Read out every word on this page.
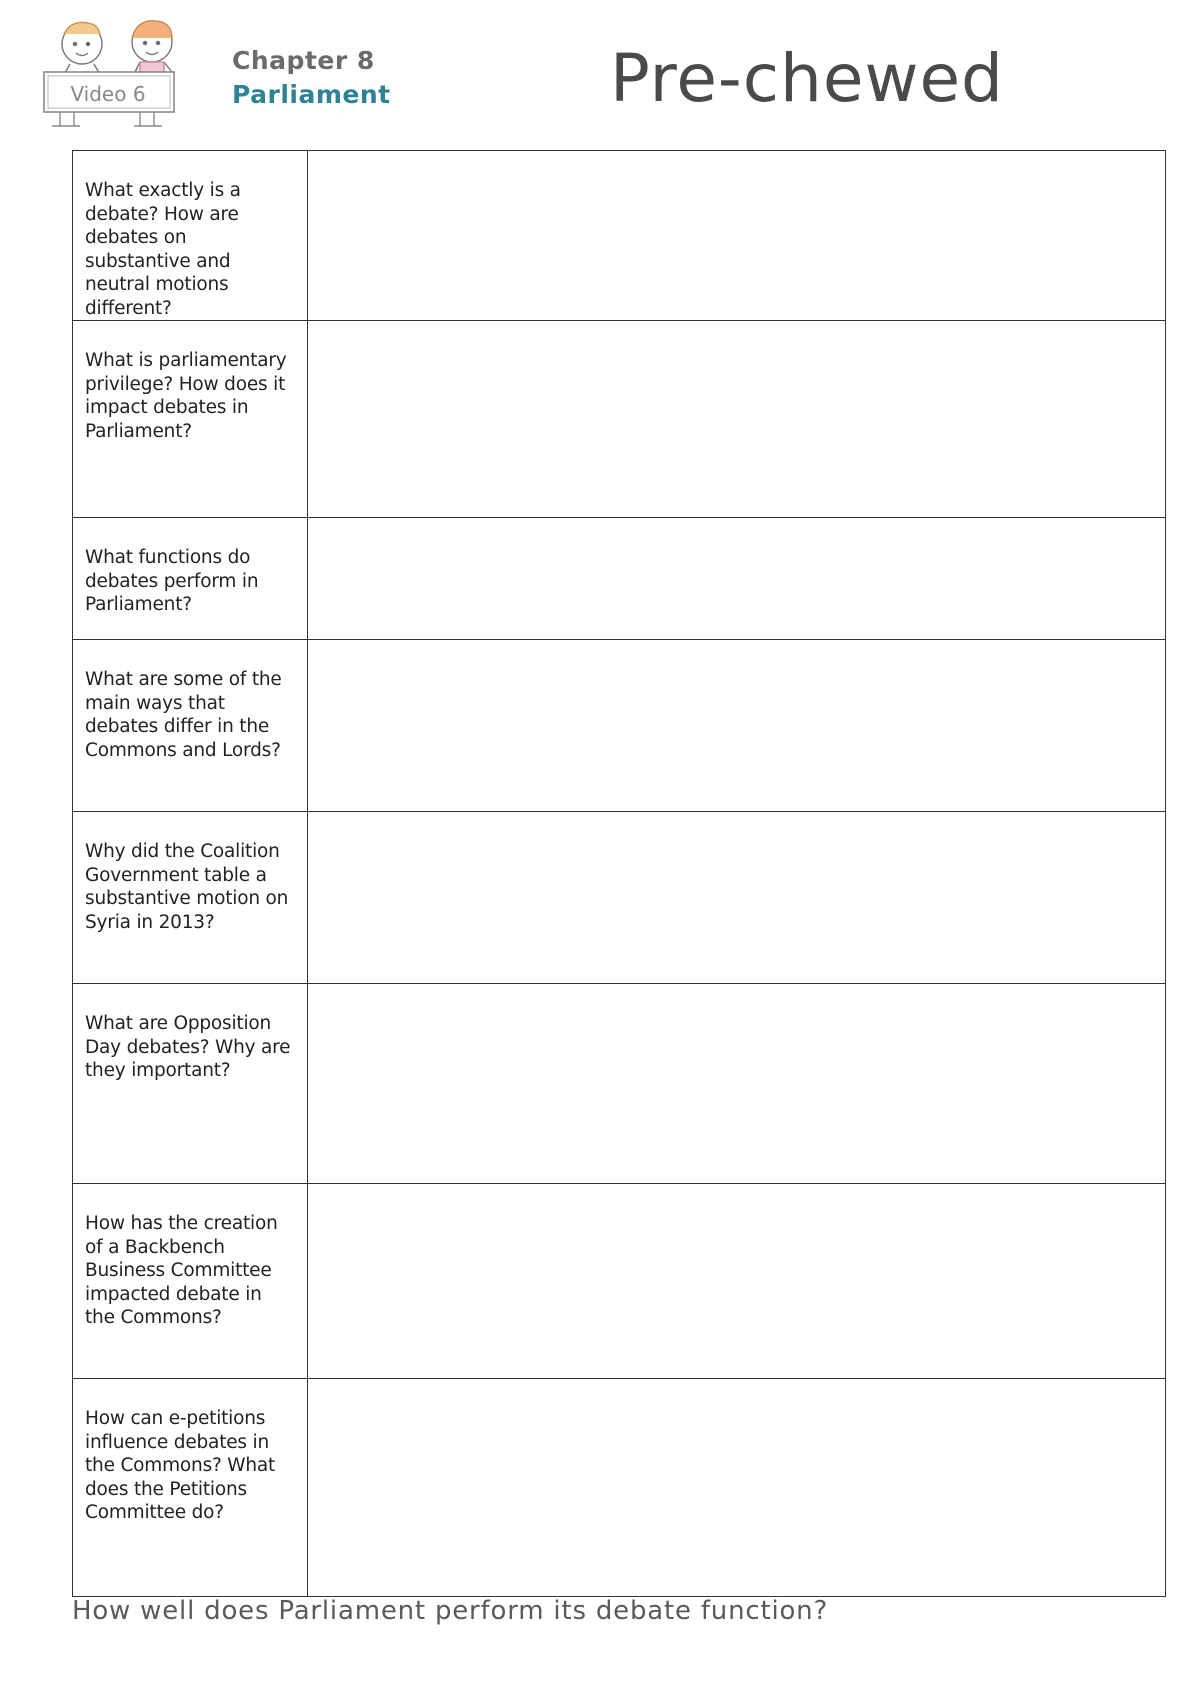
Video 6
Chapter 8
Parliament	Pre-chewed
What exactly is a debate? How are debates on substantive and neutral motions different?	

What is parliamentary privilege? How does it impact debates in Parliament?	

What functions do debates perform in Parliament?	

What are some of the main ways that debates differ in the Commons and Lords?	

Why did the Coalition Government table a substantive motion on Syria in 2013?	

What are Opposition Day debates? Why are they important?	

How has the creation of a Backbench Business Committee impacted debate in the Commons?	

How can e-petitions influence debates in the Commons? What does the Petitions Committee do?	

How well does Parliament perform its debate function?
